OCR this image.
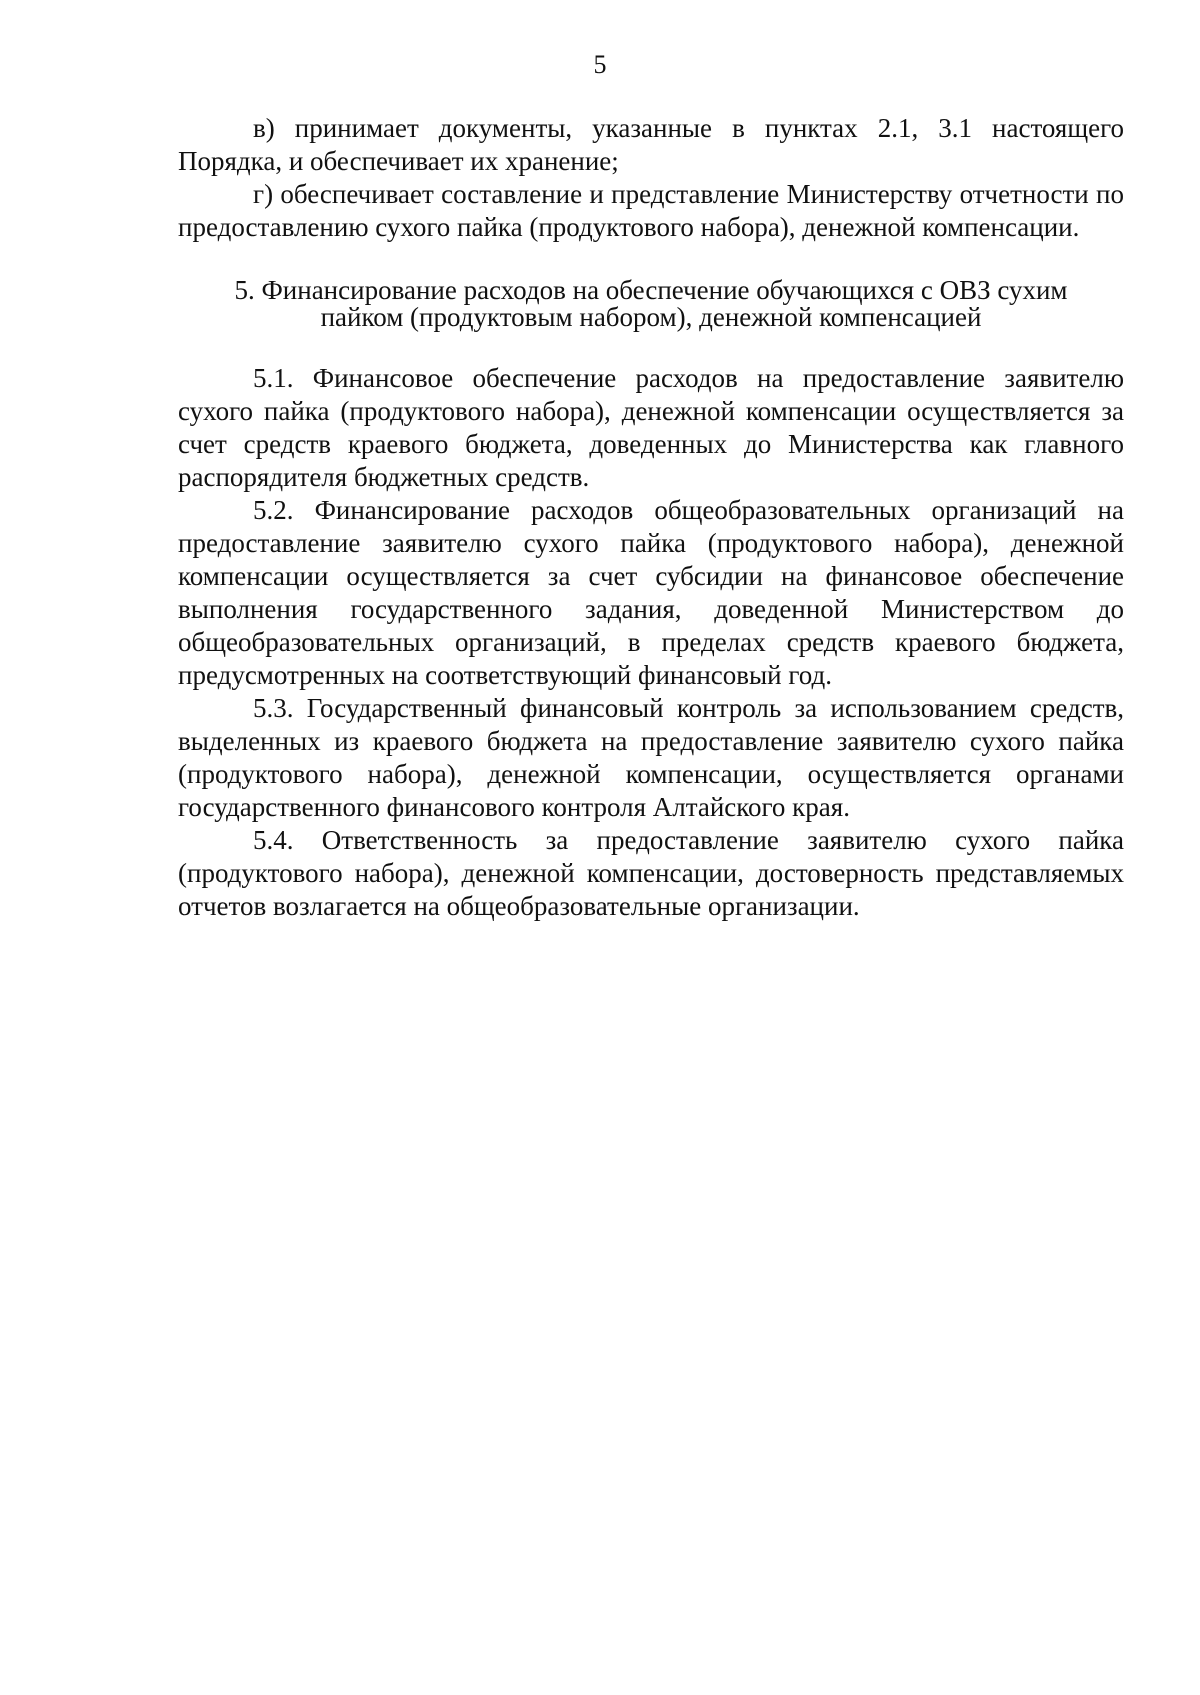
5

в) принимает документы, указанные в пунктах 2.1, 3.1 настоящего Порядка, и обеспечивает их хранение;

г) обеспечивает составление и представление Министерству отчетности по предоставлению сухого пайка (продуктового набора), денежной компенсации.

5. Финансирование расходов на обеспечение обучающихся с ОВЗ сухим
пайком (продуктовым набором), денежной компенсацией

5.1. Финансовое обеспечение расходов на предоставление заявителю сухого пайка (продуктового набора), денежной компенсации осуществляется за счет средств краевого бюджета, доведенных до Министерства как главного распорядителя бюджетных средств.

5.2. Финансирование расходов общеобразовательных организаций на предоставление заявителю сухого пайка (продуктового набора), денежной компенсации осуществляется за счет субсидии на финансовое обеспечение выполнения государственного задания, доведенной Министерством до общеобразовательных организаций, в пределах средств краевого бюджета, предусмотренных на соответствующий финансовый год.

5.3. Государственный финансовый контроль за использованием средств, выделенных из краевого бюджета на предоставление заявителю сухого пайка (продуктового набора), денежной компенсации, осуществляется органами государственного финансового контроля Алтайского края.

5.4. Ответственность за предоставление заявителю сухого пайка (продуктового набора), денежной компенсации, достоверность представляемых отчетов возлагается на общеобразовательные организации.
